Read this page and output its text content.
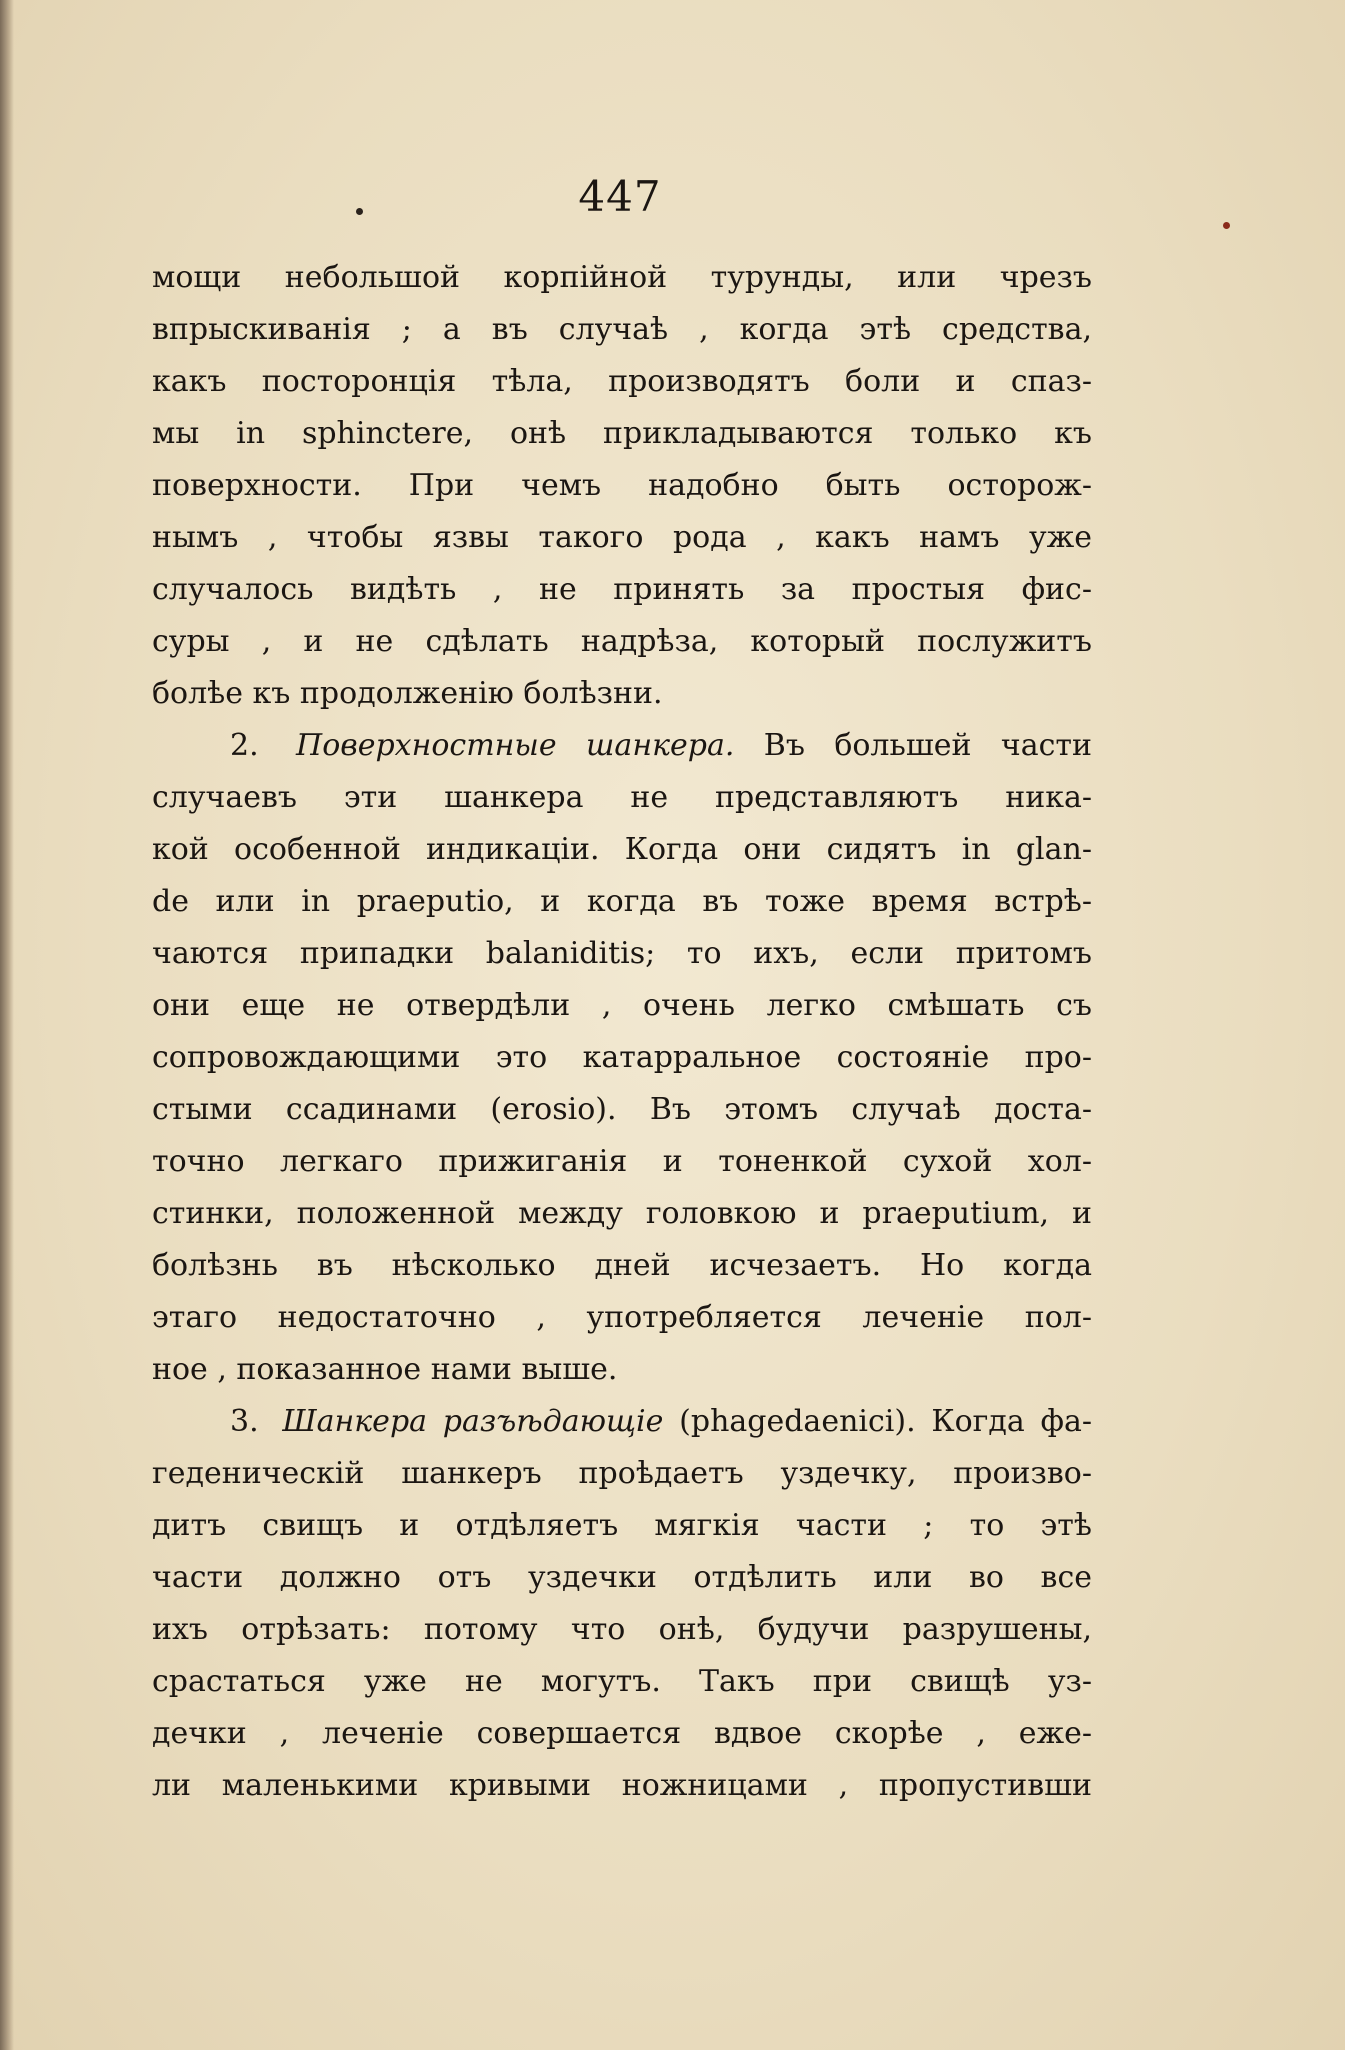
447
мощи небольшой корпійной турунды, или чрезъ
впрыскиванія ; а въ случаѣ , когда этѣ средства,
какъ посторонція тѣла, производятъ боли и спаз-
мы in sphinctere, онѣ прикладываются только къ
поверхности. При чемъ надобно быть осторож-
нымъ , чтобы язвы такого рода , какъ намъ уже
случалось видѣть , не принять за простыя фис-
суры , и не сдѣлать надрѣза, который послужитъ
болѣе къ продолженію болѣзни.
2. Поверхностные шанкера. Въ большей части
случаевъ эти шанкера не представляютъ ника-
кой особенной индикаціи. Когда они сидятъ in glan-
de или in praeputio, и когда въ тоже время встрѣ-
чаются припадки balaniditis; то ихъ, если притомъ
они еще не отвердѣли , очень легко смѣшать съ
сопровождающими это катарральное состояніе про-
стыми ссадинами (erosio). Въ этомъ случаѣ доста-
точно легкаго прижиганія и тоненкой сухой хол-
стинки, положенной между головкою и praeputium, и
болѣзнь въ нѣсколько дней исчезаетъ. Но когда
этаго недостаточно , употребляется леченіе пол-
ное , показанное нами выше.
3. Шанкера разъѣдающіе (phagedaenici). Когда фа-
геденическій шанкеръ проѣдаетъ уздечку, произво-
дитъ свищъ и отдѣляетъ мягкія части ; то этѣ
части должно отъ уздечки отдѣлить или во все
ихъ отрѣзать: потому что онѣ, будучи разрушены,
срастаться уже не могутъ. Такъ при свищѣ уз-
дечки , леченіе совершается вдвое скорѣе , еже-
ли маленькими кривыми ножницами , пропустивши
